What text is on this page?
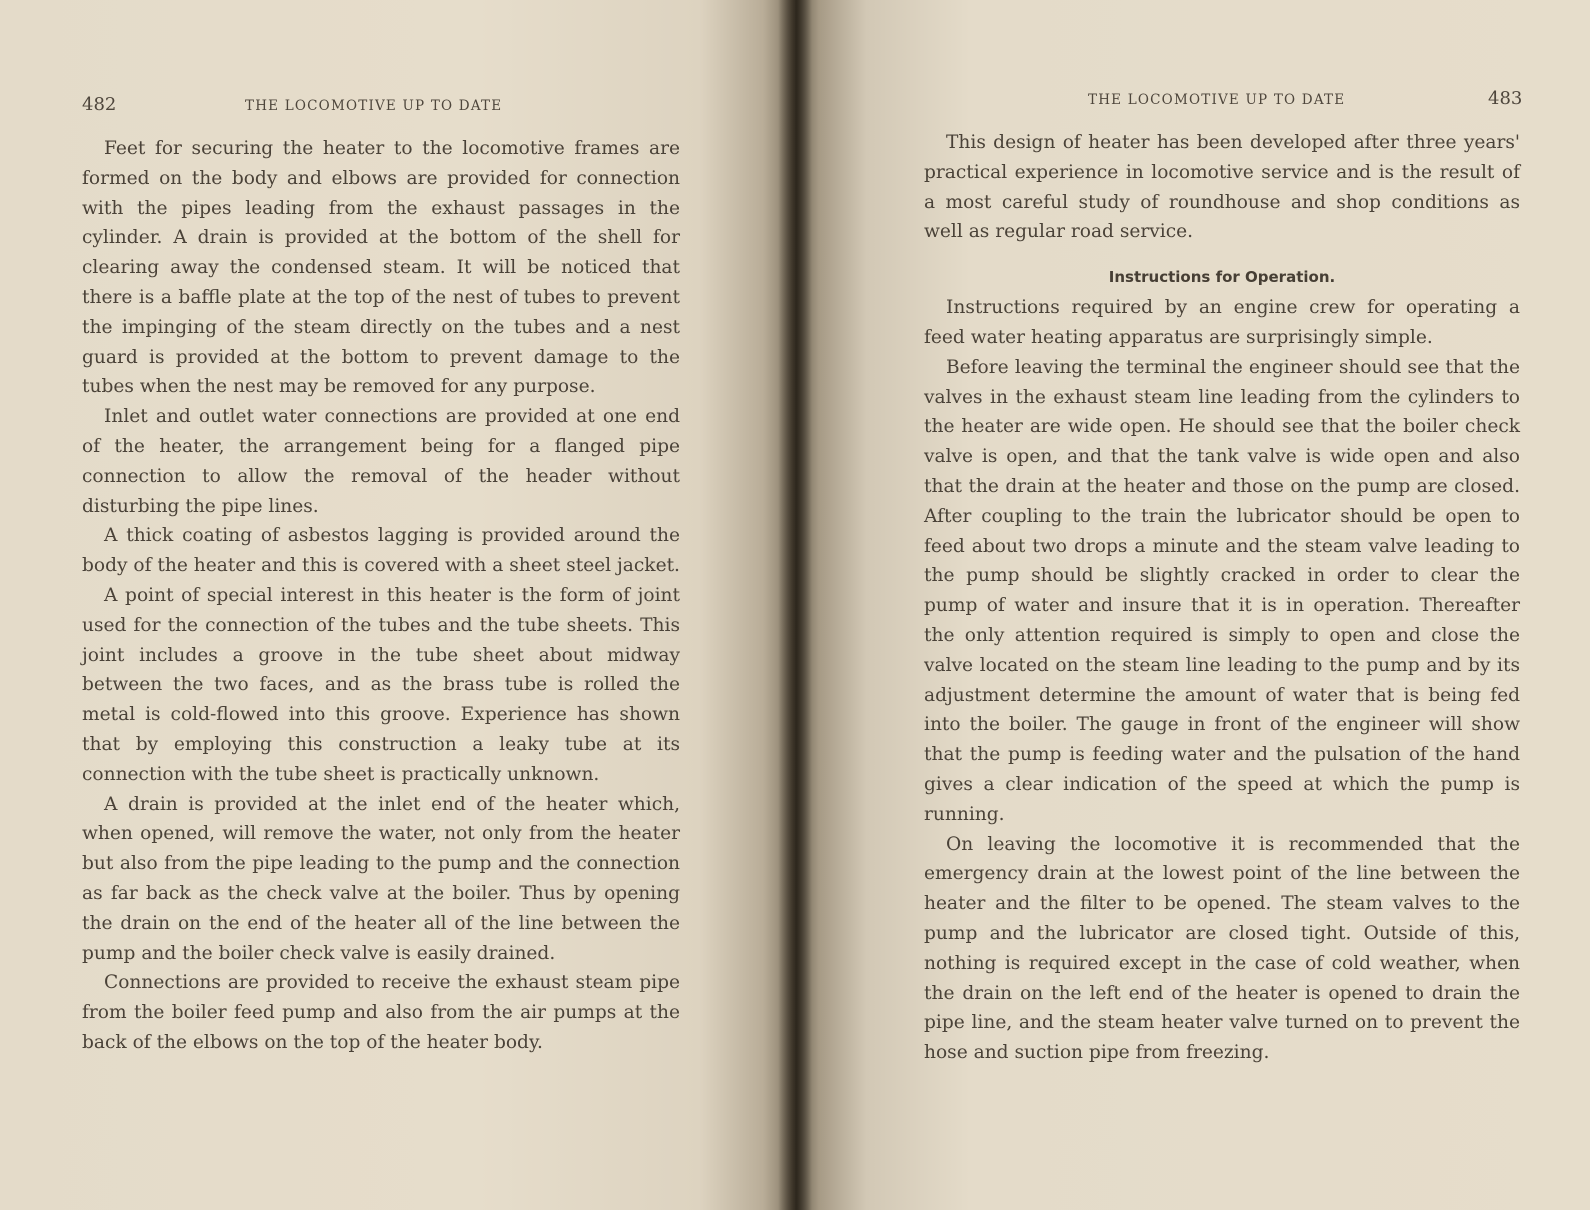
482	THE LOCOMOTIVE UP TO DATE

Feet for securing the heater to the locomotive frames are formed on the body and elbows are provided for connection with the pipes leading from the exhaust passages in the cylinder. A drain is provided at the bottom of the shell for clearing away the condensed steam. It will be noticed that there is a baffle plate at the top of the nest of tubes to prevent the impinging of the steam directly on the tubes and a nest guard is provided at the bottom to prevent damage to the tubes when the nest may be removed for any purpose.

Inlet and outlet water connections are provided at one end of the heater, the arrangement being for a flanged pipe connection to allow the removal of the header without disturbing the pipe lines.

A thick coating of asbestos lagging is provided around the body of the heater and this is covered with a sheet steel jacket.

A point of special interest in this heater is the form of joint used for the connection of the tubes and the tube sheets. This joint includes a groove in the tube sheet about midway between the two faces, and as the brass tube is rolled the metal is cold-flowed into this groove. Experience has shown that by employing this construction a leaky tube at its connection with the tube sheet is practically unknown.

A drain is provided at the inlet end of the heater which, when opened, will remove the water, not only from the heater but also from the pipe leading to the pump and the connection as far back as the check valve at the boiler. Thus by opening the drain on the end of the heater all of the line between the pump and the boiler check valve is easily drained.

Connections are provided to receive the exhaust steam pipe from the boiler feed pump and also from the air pumps at the back of the elbows on the top of the heater body.

THE LOCOMOTIVE UP TO DATE	483

This design of heater has been developed after three years' practical experience in locomotive service and is the result of a most careful study of roundhouse and shop conditions as well as regular road service.

Instructions for Operation.

Instructions required by an engine crew for operating a feed water heating apparatus are surprisingly simple.

Before leaving the terminal the engineer should see that the valves in the exhaust steam line leading from the cylinders to the heater are wide open. He should see that the boiler check valve is open, and that the tank valve is wide open and also that the drain at the heater and those on the pump are closed. After coupling to the train the lubricator should be open to feed about two drops a minute and the steam valve leading to the pump should be slightly cracked in order to clear the pump of water and insure that it is in operation. Thereafter the only attention required is simply to open and close the valve located on the steam line leading to the pump and by its adjustment determine the amount of water that is being fed into the boiler. The gauge in front of the engineer will show that the pump is feeding water and the pulsation of the hand gives a clear indication of the speed at which the pump is running.

On leaving the locomotive it is recommended that the emergency drain at the lowest point of the line between the heater and the filter to be opened. The steam valves to the pump and the lubricator are closed tight. Outside of this, nothing is required except in the case of cold weather, when the drain on the left end of the heater is opened to drain the pipe line, and the steam heater valve turned on to prevent the hose and suction pipe from freezing.
